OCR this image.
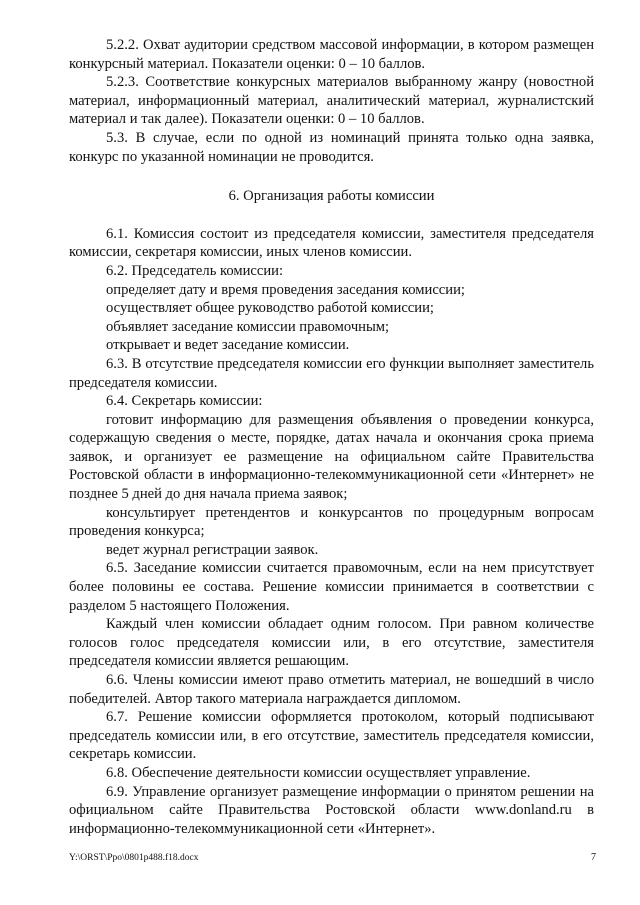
5.2.2. Охват аудитории средством массовой информации, в котором размещен конкурсный материал. Показатели оценки: 0 – 10 баллов.

5.2.3. Соответствие конкурсных материалов выбранному жанру (новостной материал, информационный материал, аналитический материал, журналистский материал и так далее). Показатели оценки: 0 – 10 баллов.

5.3. В случае, если по одной из номинаций принята только одна заявка, конкурс по указанной номинации не проводится.

6. Организация работы комиссии

6.1. Комиссия состоит из председателя комиссии, заместителя председателя комиссии, секретаря комиссии, иных членов комиссии.

6.2. Председатель комиссии:

определяет дату и время проведения заседания комиссии;

осуществляет общее руководство работой комиссии;

объявляет заседание комиссии правомочным;

открывает и ведет заседание комиссии.

6.3. В отсутствие председателя комиссии его функции выполняет заместитель председателя комиссии.

6.4. Секретарь комиссии:

готовит информацию для размещения объявления о проведении конкурса, содержащую сведения о месте, порядке, датах начала и окончания срока приема заявок, и организует ее размещение на официальном сайте Правительства Ростовской области в информационно-телекоммуникационной сети «Интернет» не позднее 5 дней до дня начала приема заявок;

консультирует претендентов и конкурсантов по процедурным вопросам проведения конкурса;

ведет журнал регистрации заявок.

6.5. Заседание комиссии считается правомочным, если на нем присутствует более половины ее состава. Решение комиссии принимается в соответствии с разделом 5 настоящего Положения.

Каждый член комиссии обладает одним голосом. При равном количестве голосов голос председателя комиссии или, в его отсутствие, заместителя председателя комиссии является решающим.

6.6. Члены комиссии имеют право отметить материал, не вошедший в число победителей. Автор такого материала награждается дипломом.

6.7. Решение комиссии оформляется протоколом, который подписывают председатель комиссии или, в его отсутствие, заместитель председателя комиссии, секретарь комиссии.

6.8. Обеспечение деятельности комиссии осуществляет управление.

6.9. Управление организует размещение информации о принятом решении на официальном сайте Правительства Ростовской области www.donland.ru в информационно-телекоммуникационной сети «Интернет».

Y:\ORST\Ppo\0801p488.f18.docx	7
